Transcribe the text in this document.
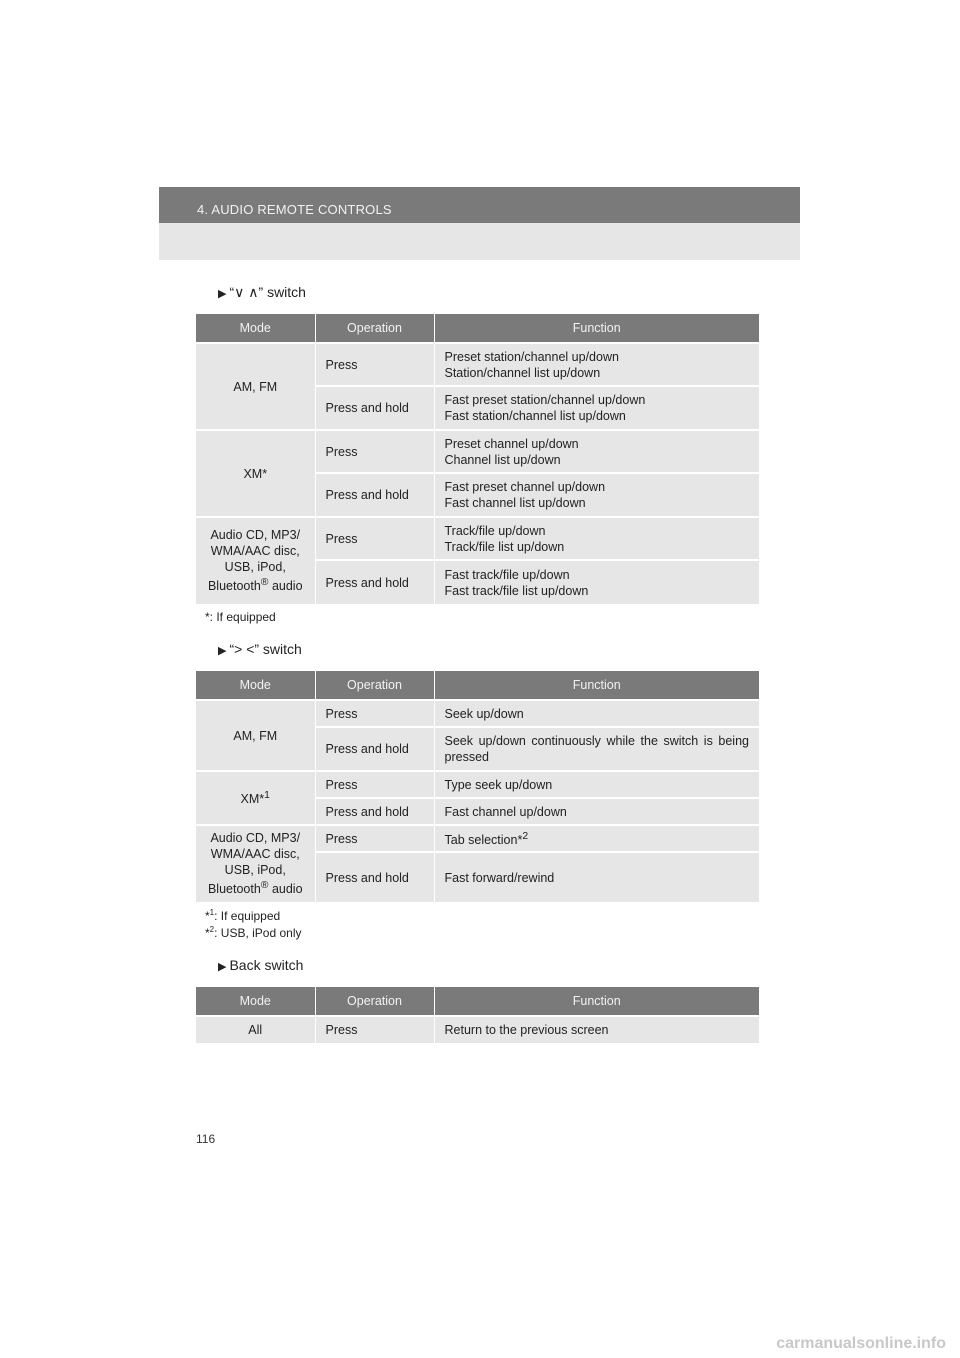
4. AUDIO REMOTE CONTROLS
▶ “∨ ∧” switch
Mode	Operation	Function
AM, FM	Press	Preset station/channel up/down
Station/channel list up/down
	Press and hold	Fast preset station/channel up/down
Fast station/channel list up/down
XM*	Press	Preset channel up/down
Channel list up/down
	Press and hold	Fast preset channel up/down
Fast channel list up/down
Audio CD, MP3/ WMA/AAC disc, USB, iPod, Bluetooth® audio	Press	Track/file up/down
Track/file list up/down
	Press and hold	Fast track/file up/down
Fast track/file list up/down
*: If equipped
▶ “> <” switch
Mode	Operation	Function
AM, FM	Press	Seek up/down
	Press and hold	Seek up/down continuously while the switch is being pressed
XM*$^1$	Press	Type seek up/down
	Press and hold	Fast channel up/down
Audio CD, MP3/ WMA/AAC disc, USB, iPod, Bluetooth® audio	Press	Tab selection*$^2$
	Press and hold	Fast forward/rewind
*$^1$: If equipped
*$^2$: USB, iPod only
▶ Back switch
Mode	Operation	Function
All	Press	Return to the previous screen
116
carmanualsonline.info
